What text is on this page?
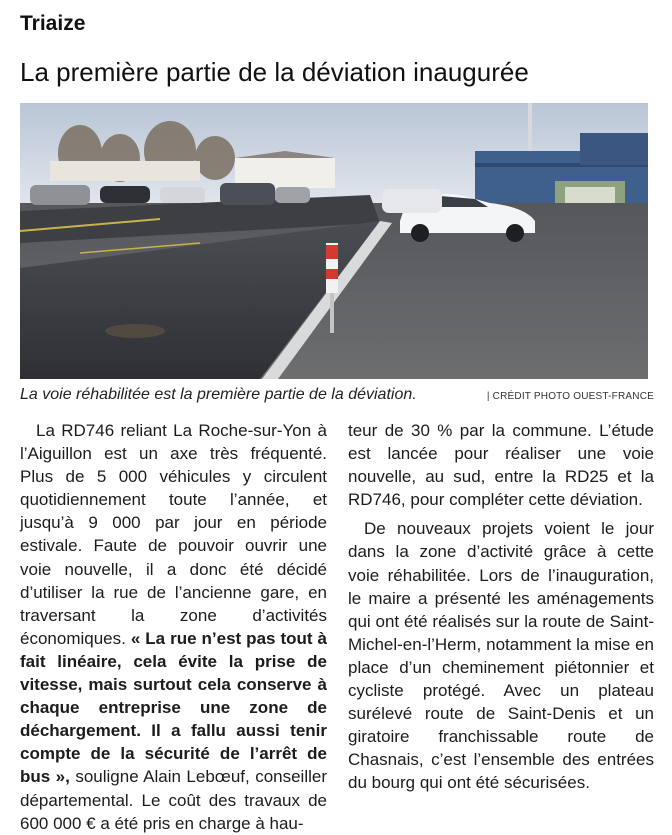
Triaize
La première partie de la déviation inaugurée
La voie réhabilitée est la première partie de la déviation.	| CRÉDIT PHOTO OUEST-FRANCE

La RD746 reliant La Roche-sur-Yon à l’Aiguillon est un axe très fréquenté. Plus de 5 000 véhicules y circulent quotidiennement toute l’année, et jusqu’à 9 000 par jour en période estivale. Faute de pouvoir ouvrir une voie nouvelle, il a donc été décidé d’utiliser la rue de l’ancienne gare, en traversant la zone d’activités économiques. « La rue n’est pas tout à fait linéaire, cela évite la prise de vitesse, mais surtout cela conserve à chaque entreprise une zone de déchargement. Il a fallu aussi tenir compte de la sécurité de l’arrêt de bus », souligne Alain Lebœuf, conseiller départemental. Le coût des travaux de 600 000 € a été pris en charge à hau-

teur de 30 % par la commune. L’étude est lancée pour réaliser une voie nouvelle, au sud, entre la RD25 et la RD746, pour compléter cette déviation.

De nouveaux projets voient le jour dans la zone d’activité grâce à cette voie réhabilitée. Lors de l’inauguration, le maire a présenté les aménagements qui ont été réalisés sur la route de Saint-Michel-en-l’Herm, notamment la mise en place d’un cheminement piétonnier et cycliste protégé. Avec un plateau surélevé route de Saint-Denis et un giratoire franchissable route de Chasnais, c’est l’ensemble des entrées du bourg qui ont été sécurisées.
